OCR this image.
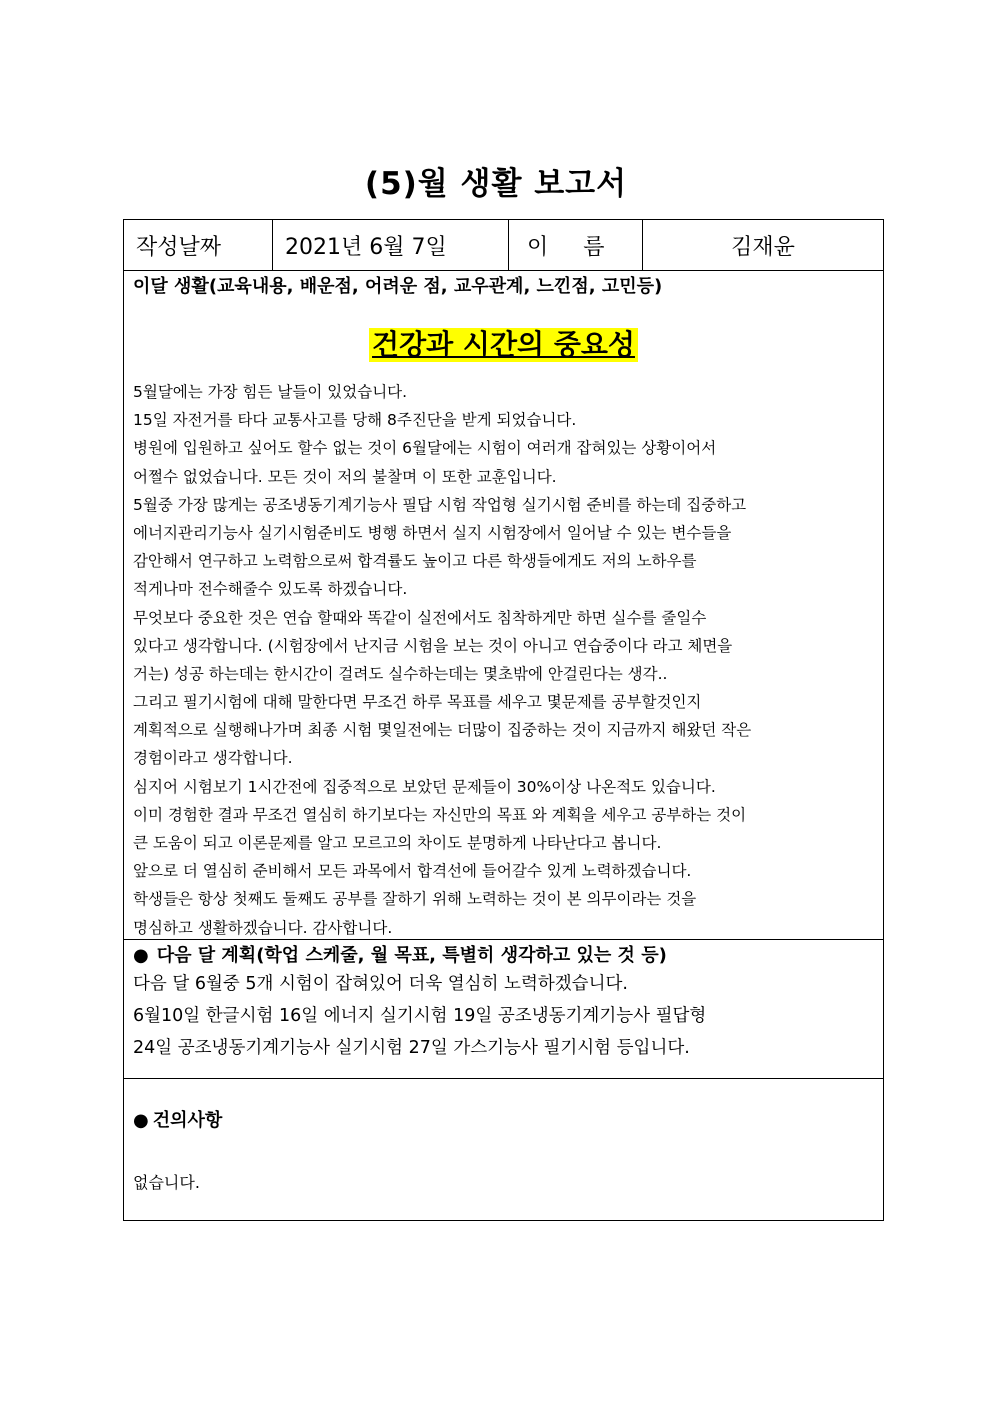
(5)월 생활 보고서
작성날짜	2021년 6월 7일	이 름	김재윤
이달 생활(교육내용, 배운점, 어려운 점, 교우관계, 느낀점, 고민등)
건강과 시간의 중요성
5월달에는 가장 힘든 날들이 있었습니다.
15일 자전거를 타다 교통사고를 당해 8주진단을 받게 되었습니다.
병원에 입원하고 싶어도 할수 없는 것이 6월달에는 시험이 여러개 잡혀있는 상황이어서
어쩔수 없었습니다. 모든 것이 저의 불찰며 이 또한 교훈입니다.
5월중 가장 많게는 공조냉동기계기능사 필답 시험 작업형 실기시험 준비를 하는데 집중하고
에너지관리기능사 실기시험준비도 병행 하면서 실지 시험장에서 일어날 수 있는 변수들을
감안해서 연구하고 노력함으로써 합격률도 높이고 다른 학생들에게도 저의 노하우를
적게나마 전수해줄수 있도록 하겠습니다.
무엇보다 중요한 것은 연습 할때와 똑같이 실전에서도 침착하게만 하면 실수를 줄일수
있다고 생각합니다. (시험장에서 난지금 시험을 보는 것이 아니고 연습중이다 라고 체면을
거는) 성공 하는데는 한시간이 걸려도 실수하는데는 몇초밖에 안걸린다는 생각..
그리고 필기시험에 대해 말한다면 무조건 하루 목표를 세우고 몇문제를 공부할것인지
계획적으로 실행해나가며 최종 시험 몇일전에는 더많이 집중하는 것이 지금까지 해왔던 작은
경험이라고 생각합니다.
심지어 시험보기 1시간전에 집중적으로 보았던 문제들이 30%이상 나온적도 있습니다.
이미 경험한 결과 무조건 열심히 하기보다는 자신만의 목표 와 계획을 세우고 공부하는 것이
큰 도움이 되고 이론문제를 알고 모르고의 차이도 분명하게 나타난다고 봅니다.
앞으로 더 열심히 준비해서 모든 과목에서 합격선에 들어갈수 있게 노력하겠습니다.
학생들은 항상 첫째도 둘째도 공부를 잘하기 위해 노력하는 것이 본 의무이라는 것을
명심하고 생활하겠습니다. 감사합니다.
● 다음 달 계획(학업 스케줄, 월 목표, 특별히 생각하고 있는 것 등)
다음 달 6월중 5개 시험이 잡혀있어 더욱 열심히 노력하겠습니다.
6월10일 한글시험 16일 에너지 실기시험 19일 공조냉동기계기능사 필답형
24일 공조냉동기계기능사 실기시험 27일 가스기능사 필기시험 등입니다.
● 건의사항
없습니다.
